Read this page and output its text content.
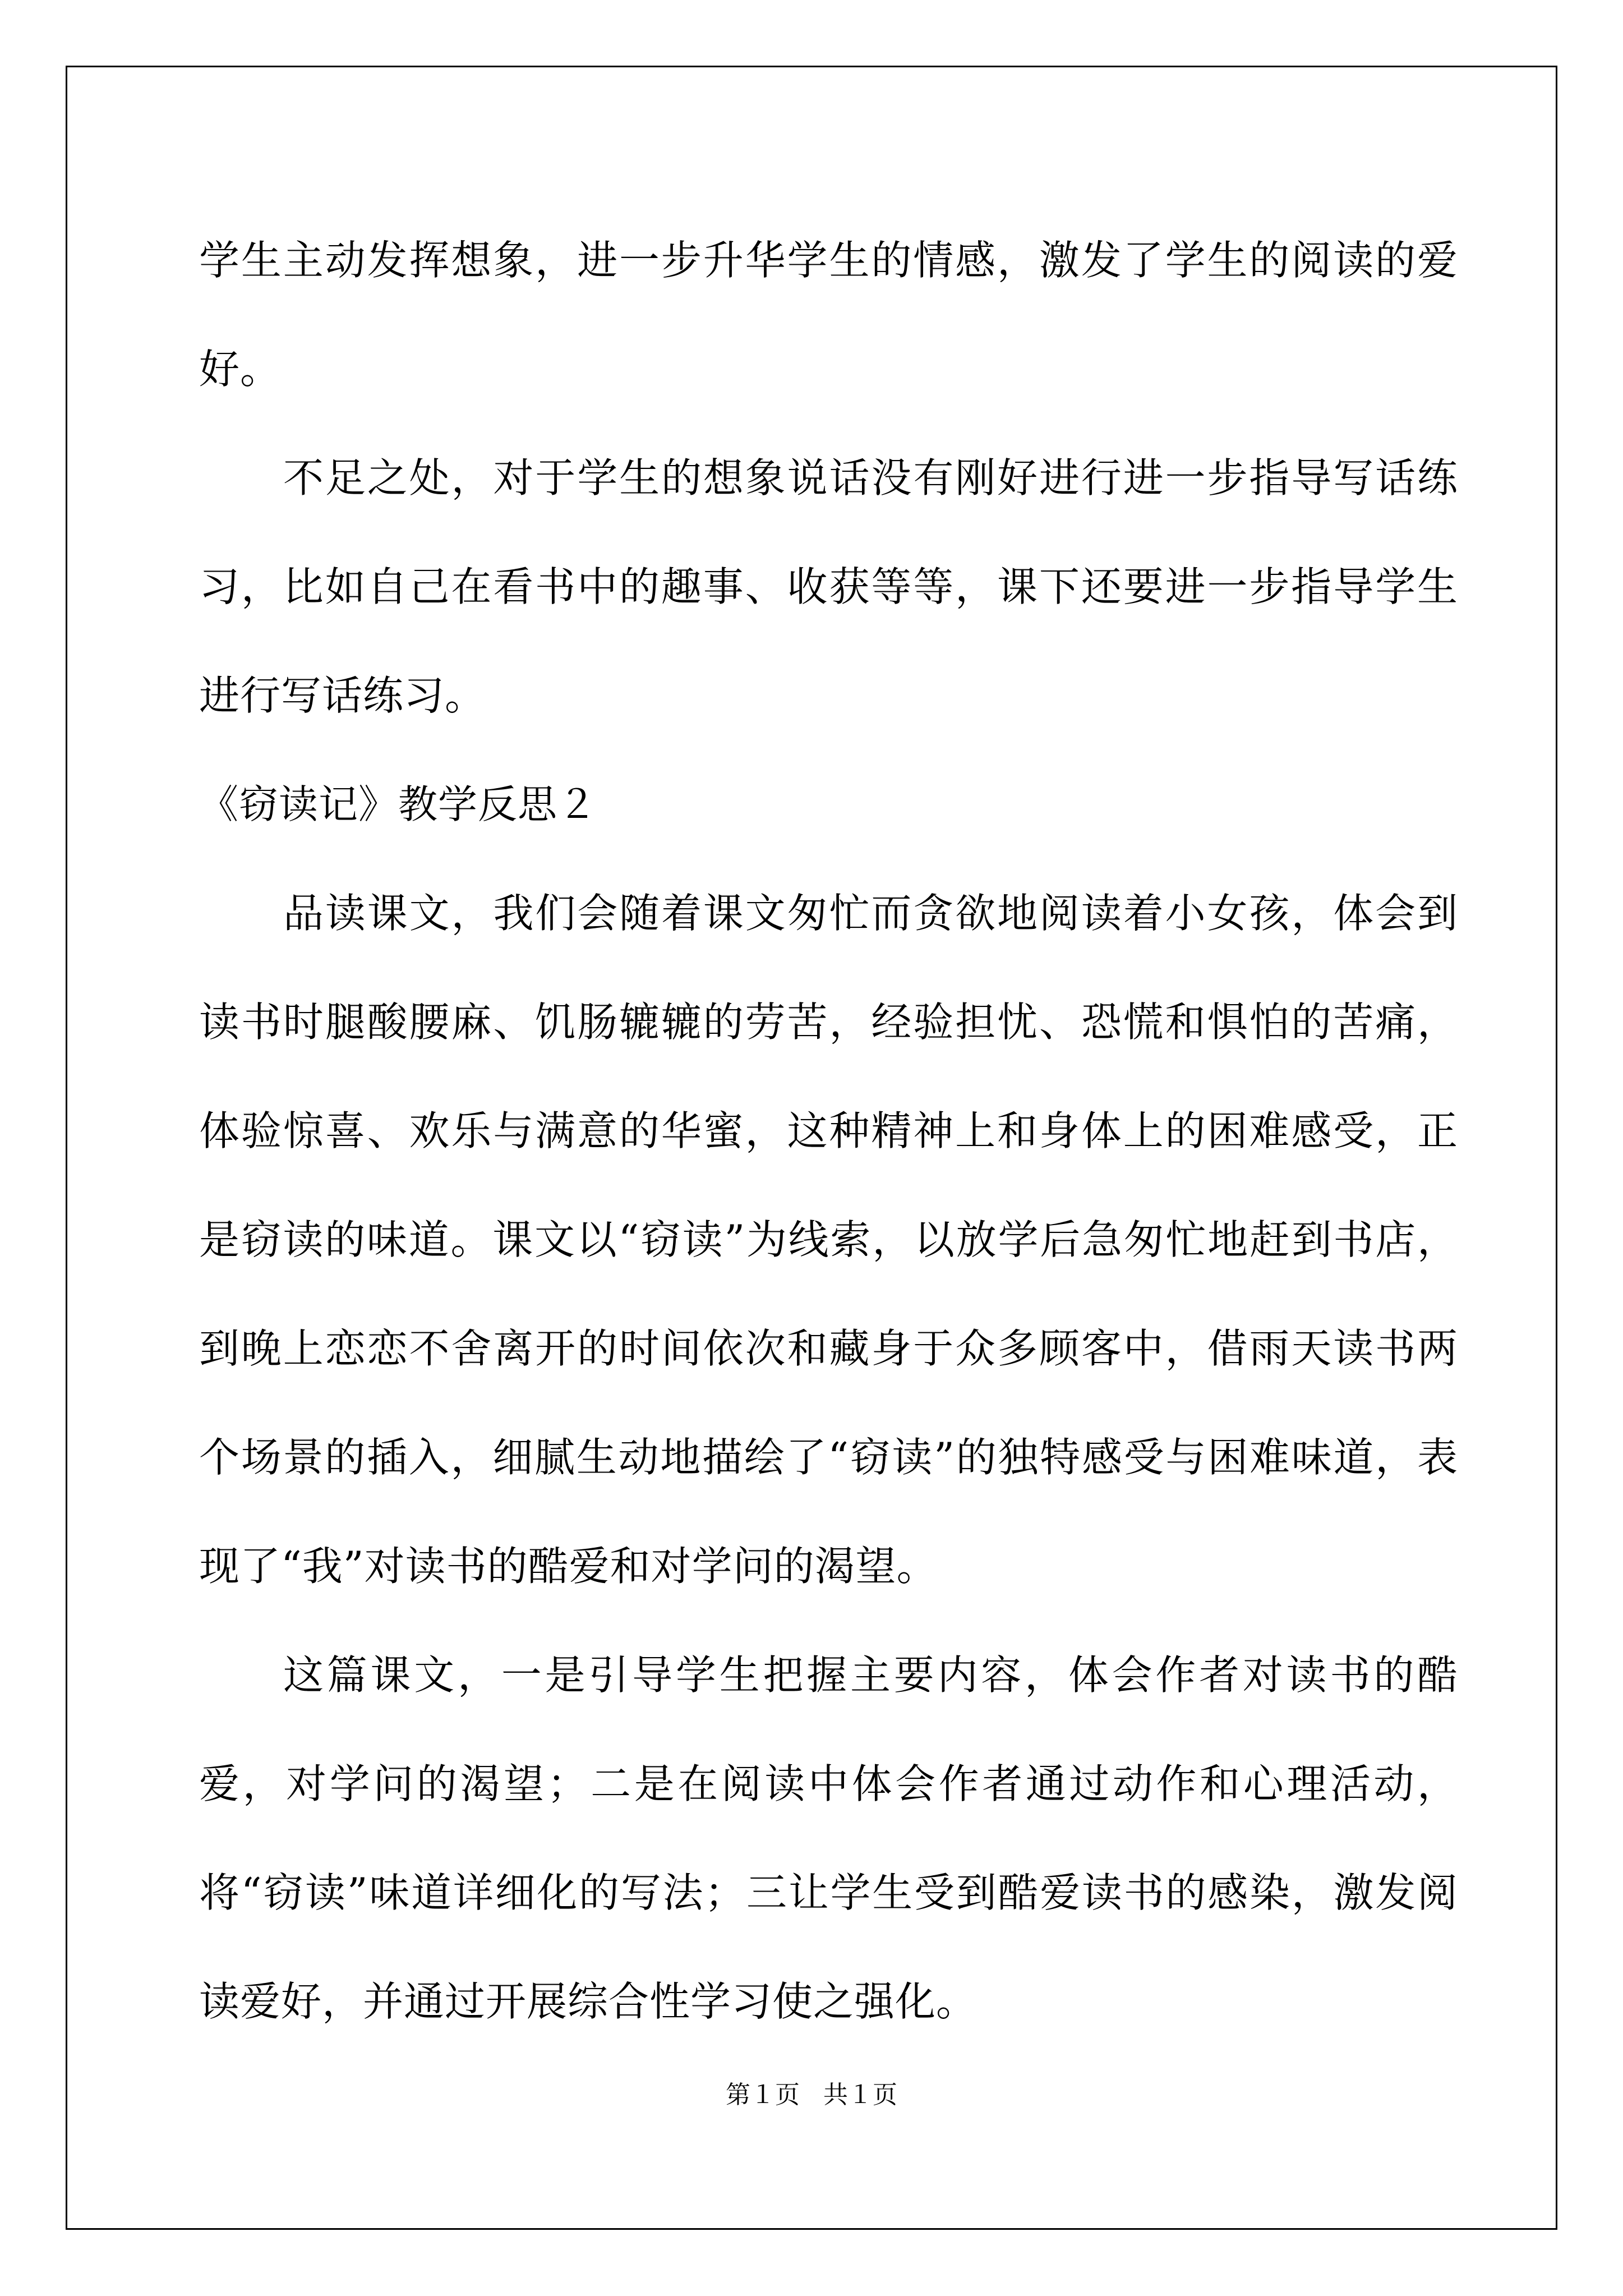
学生主动发挥想象，进一步升华学生的情感，激发了学生的阅读的爱好。

不足之处，对于学生的想象说话没有刚好进行进一步指导写话练习，比如自己在看书中的趣事、收获等等，课下还要进一步指导学生进行写话练习。

《窃读记》教学反思２

品读课文，我们会随着课文匆忙而贪欲地阅读着小女孩，体会到读书时腿酸腰麻、饥肠辘辘的劳苦，经验担忧、恐慌和惧怕的苦痛，体验惊喜、欢乐与满意的华蜜，这种精神上和身体上的困难感受，正是窃读的味道。课文以“窃读”为线索，以放学后急匆忙地赶到书店，到晚上恋恋不舍离开的时间依次和藏身于众多顾客中，借雨天读书两个场景的插入，细腻生动地描绘了“窃读”的独特感受与困难味道，表现了“我”对读书的酷爱和对学问的渴望。

这篇课文，一是引导学生把握主要内容，体会作者对读书的酷爱，对学问的渴望；二是在阅读中体会作者通过动作和心理活动，将“窃读”味道详细化的写法；三让学生受到酷爱读书的感染，激发阅读爱好，并通过开展综合性学习使之强化。

第１页   共１页
